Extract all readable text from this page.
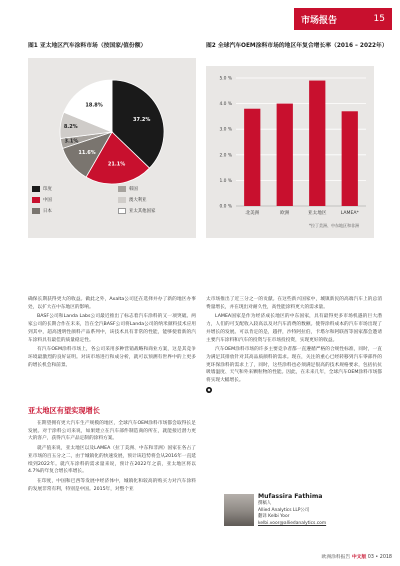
市场报告	15
图1 亚太地区汽车涂料市场（按国家/值份额）
37.2%
21.1%
11.6%
3.1%
8.2%
18.8%
印度	韩国
中国	澳大利亚
日本	亚太其他国家
图2 全球汽车OEM涂料市场的地区年复合增长率（2016 – 2022年）
0.0 %
1.0 %
2.0 %
3.0 %
4.0 %
5.0 %
北美洲	欧洲	亚太地区	LAMEA*
*拉丁美洲、中东地区和非洲

确保长期获得更大的收益。做此之外，Axalta公司还在选择并办了新的地区办事处，以扩大在中东地区的影响。

BASF公司和Landa Labs公司最近推出了标志着汽车涂料的又一项突破。两家公司的长期合作在未来，旨在全汽BASF公司将Landa公司的纳米颜料技术应用到其中，超高透明性颜料产品系列中，该技术具有非常的性能，能够使着新的汽车涂料具有最佳的质量稳定性。

有汽车OEM涂料市场上，各公司采用多种营销战略和商业方案，这是其竞争环境最激烈的良好证明。对该市场进行和成分析，就可以预测有世界中的上更多的增长机会和前景。

亚太地区有望实现增长

在期望拥有更大汽车生产规模的地区，全球汽车OEM涂料市场都会取得长足发展。对于涂料公司来说，如果建立在汽车部件制造商的所在，就能接近潜力更大的客户，获得汽车产品定制的涂料方案。

就产值来说，亚太地区以及LAMEA（拉丁美洲、中东和非洲）国家在各占了亚市场的百五分之二，由于城镇化的快速发展，预计该趋势将会从2016年一直延续到2022年。就汽车涂料的需求量来说，预计在2022年之前，亚太地区将以4.7%的年复合增长率增长。

在印度，中国和巴西等发展中经济体中，城镇化和较高的购买力对汽车涂料的发展非常有利，特别是中国。2015年，对整个亚

太市场推出了近三分之一的贡献。在这些新兴国家中，城镇新民的高端汽车上的总消费量增长，并在现出对耐久性，高性能涂料更大的需求量。

LAMEA国家是作为经济成长地区的中东国家，具有最得更多市场机遇的巨大潜力，人们的可支配收入较高以及对汽车消费的数额。使得涂料成本的汽车市场出现了并增长的发展。可以肯定的是，越拌，沙特阿拉伯，卡塔尔和阿联酋等国家都会邀请主要汽车涂料和汽车的投资与在市场投投资，实现更好的收益。

汽车OEM涂料市场的许多主要竞争者都一直遵循严格的合规性标准，同时，一直为满足其排放针对其高品质颜料的需求。现在，关注的重心已经转移到汽车零部件的更环保涂料的需求上了，同时，这些涂料也必须满足很高的技术规格要求，包括抗抗吸墙温度、天气和外来颗粒物的性能。因此，在未来几年，全球汽车OEM涂料市场都将实现大幅增长。

◆
Mufassira Fathima
撰稿人
Allied Analytics LLP公司
翻译 Kelbi Yoor
kelbi.voor@alliedanalytics.com
欧洲涂料报告 中文版 03 • 2018
